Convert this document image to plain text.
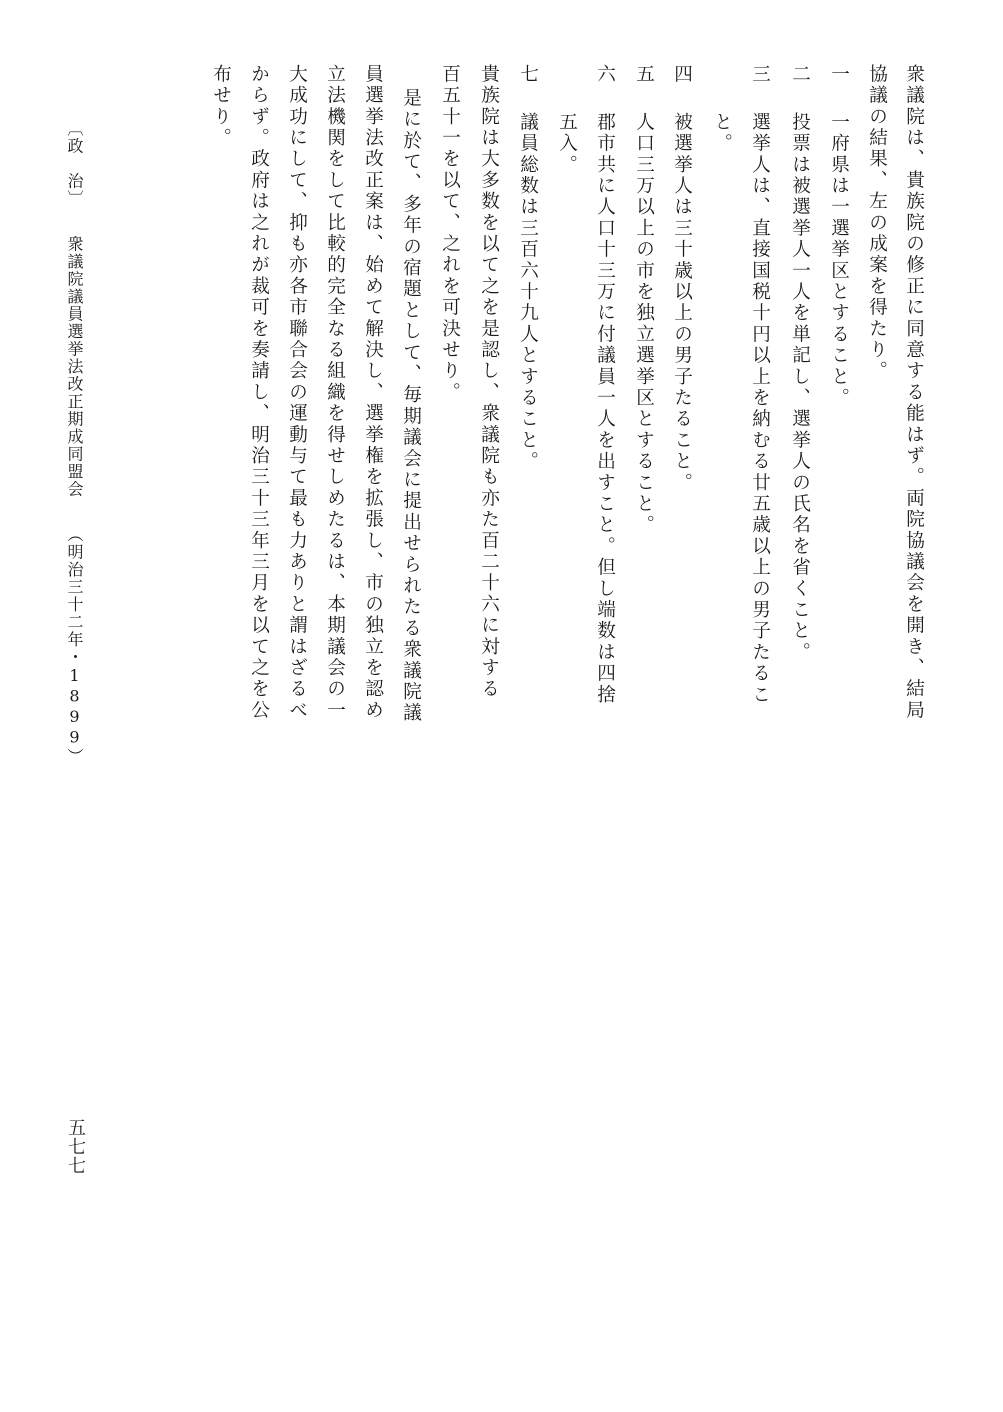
衆議院は、貴族院の修正に同意する能はず。両院協議会を開き、結局

協議の結果、左の成案を得たり。

一

一府県は一選挙区とすること。

二

投票は被選挙人一人を単記し、選挙人の氏名を省くこと。

三

選挙人は、直接国税十円以上を納むる廿五歳以上の男子たるこ

と。

四

被選挙人は三十歳以上の男子たること。

五

人口三万以上の市を独立選挙区とすること。

六

郡市共に人口十三万に付議員一人を出すこと。但し端数は四捨

五入。

七

議員総数は三百六十九人とすること。

貴族院は大多数を以て之を是認し、衆議院も亦た百二十六に対する

百五十一を以て、之れを可決せり。

是に於て、多年の宿題として、毎期議会に提出せられたる衆議院議

員選挙法改正案は、始めて解決し、選挙権を拡張し、市の独立を認め

立法機関をして比較的完全なる組織を得せしめたるは、本期議会の一

大成功にして、抑も亦各市聯合会の運動与て最も力ありと謂はざるべ

からず。政府は之れが裁可を奏請し、明治三十三年三月を以て之を公

布せり。

〔政　治〕衆議院議員選挙法改正期成同盟会（明治三十二年・1899）
五七七
